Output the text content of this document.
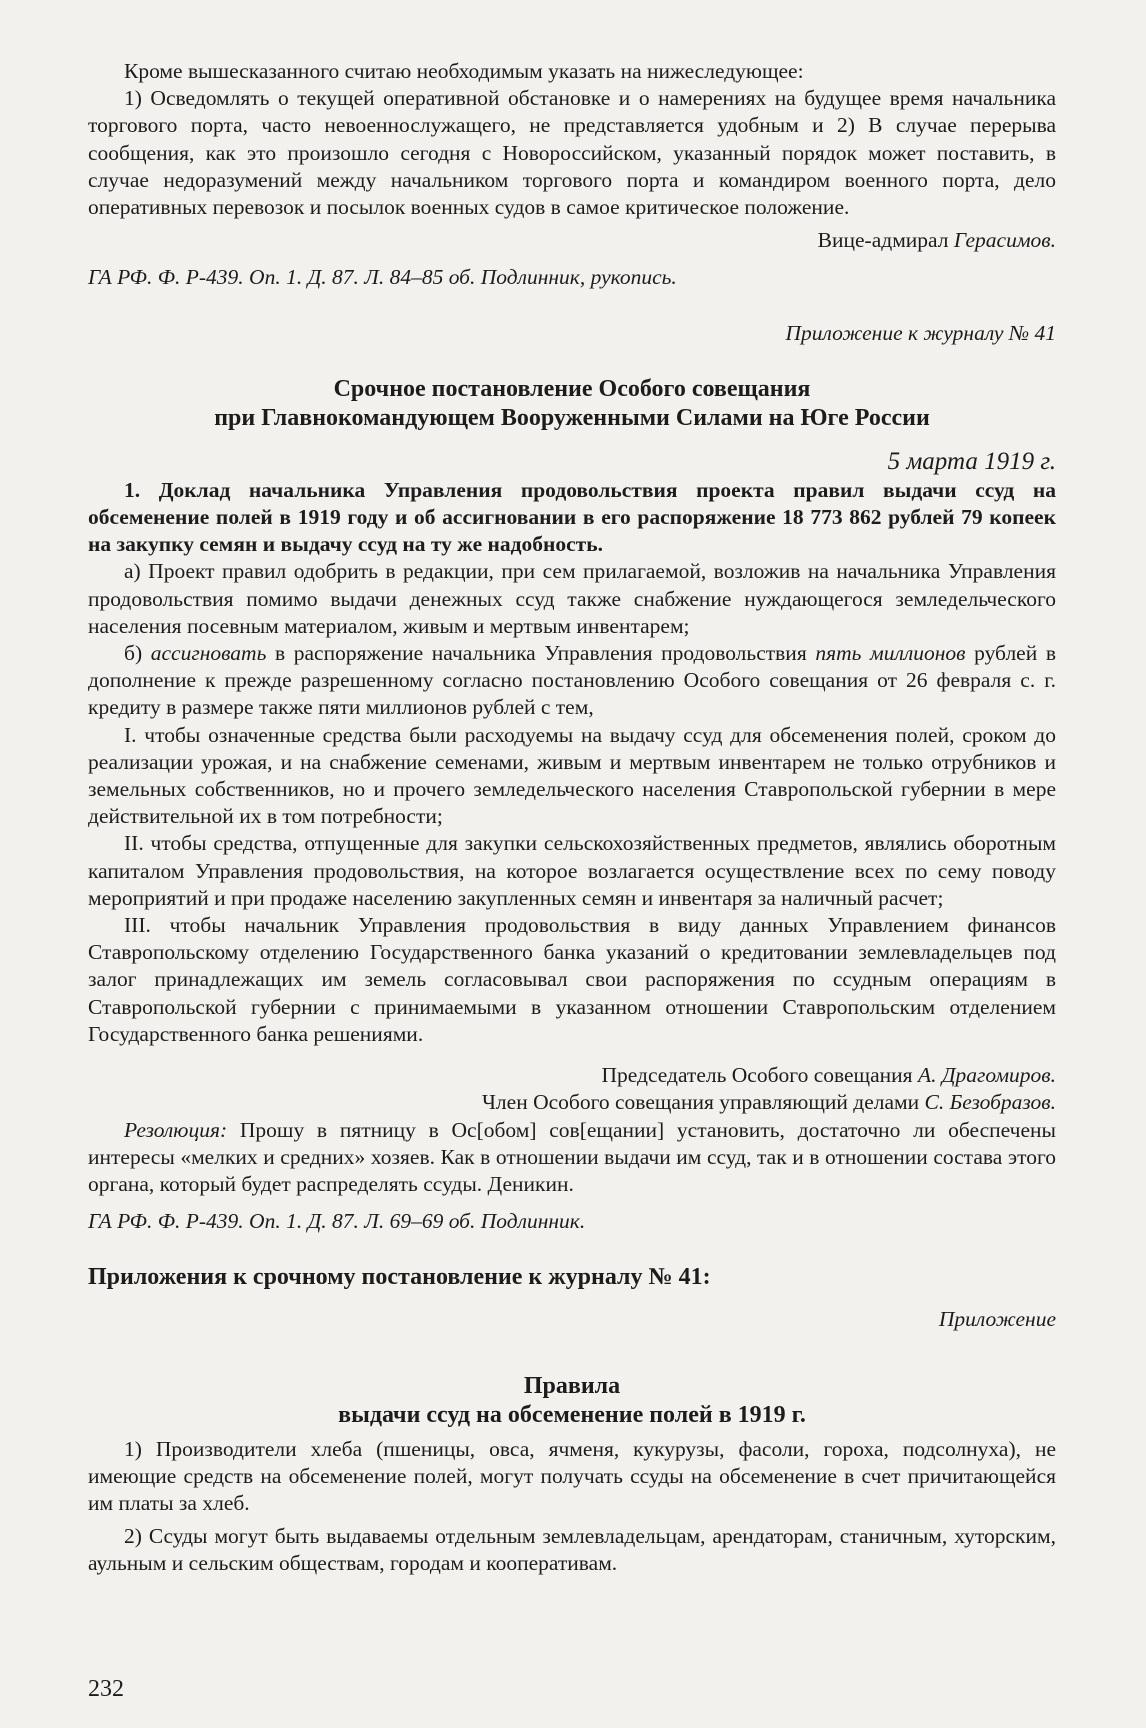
Кроме вышесказанного считаю необходимым указать на нижеследующее:

1) Осведомлять о текущей оперативной обстановке и о намерениях на будущее время начальника торгового порта, часто невоеннослужащего, не представляется удобным и 2) В случае перерыва сообщения, как это произошло сегодня с Новороссийском, указанный порядок может поставить, в случае недоразумений между начальником торгового порта и командиром военного порта, дело оперативных перевозок и посылок военных судов в самое критическое положение.

Вице-адмирал Герасимов.

ГА РФ. Ф. Р-439. Оп. 1. Д. 87. Л. 84–85 об. Подлинник, рукопись.

Приложение к журналу № 41

Срочное постановление Особого совещания
при Главнокомандующем Вооруженными Силами на Юге России

5 марта 1919 г.

1. Доклад начальника Управления продовольствия проекта правил выдачи ссуд на обсеменение полей в 1919 году и об ассигновании в его распоряжение 18 773 862 рублей 79 копеек на закупку семян и выдачу ссуд на ту же надобность.

а) Проект правил одобрить в редакции, при сем прилагаемой, возложив на начальника Управления продовольствия помимо выдачи денежных ссуд также снабжение нуждающегося земледельческого населения посевным материалом, живым и мертвым инвентарем;

б) ассигновать в распоряжение начальника Управления продовольствия пять миллионов рублей в дополнение к прежде разрешенному согласно постановлению Особого совещания от 26 февраля с. г. кредиту в размере также пяти миллионов рублей с тем,

I. чтобы означенные средства были расходуемы на выдачу ссуд для обсеменения полей, сроком до реализации урожая, и на снабжение семенами, живым и мертвым инвентарем не только отрубников и земельных собственников, но и прочего земледельческого населения Ставропольской губернии в мере действительной их в том потребности;

II. чтобы средства, отпущенные для закупки сельскохозяйственных предметов, являлись оборотным капиталом Управления продовольствия, на которое возлагается осуществление всех по сему поводу мероприятий и при продаже населению закупленных семян и инвентаря за наличный расчет;

III. чтобы начальник Управления продовольствия в виду данных Управлением финансов Ставропольскому отделению Государственного банка указаний о кредитовании землевладельцев под залог принадлежащих им земель согласовывал свои распоряжения по ссудным операциям в Ставропольской губернии с принимаемыми в указанном отношении Ставропольским отделением Государственного банка решениями.

Председатель Особого совещания А. Драгомиров.

Член Особого совещания управляющий делами С. Безобразов.

Резолюция: Прошу в пятницу в Ос[обом] сов[ещании] установить, достаточно ли обеспечены интересы «мелких и средних» хозяев. Как в отношении выдачи им ссуд, так и в отношении состава этого органа, который будет распределять ссуды. Деникин.

ГА РФ. Ф. Р-439. Оп. 1. Д. 87. Л. 69–69 об. Подлинник.

Приложения к срочному постановление к журналу № 41:

Приложение

Правила
выдачи ссуд на обсеменение полей в 1919 г.

1) Производители хлеба (пшеницы, овса, ячменя, кукурузы, фасоли, гороха, подсолнуха), не имеющие средств на обсеменение полей, могут получать ссуды на обсеменение в счет причитающейся им платы за хлеб.

2) Ссуды могут быть выдаваемы отдельным землевладельцам, арендаторам, станичным, хуторским, аульным и сельским обществам, городам и кооперативам.

232
